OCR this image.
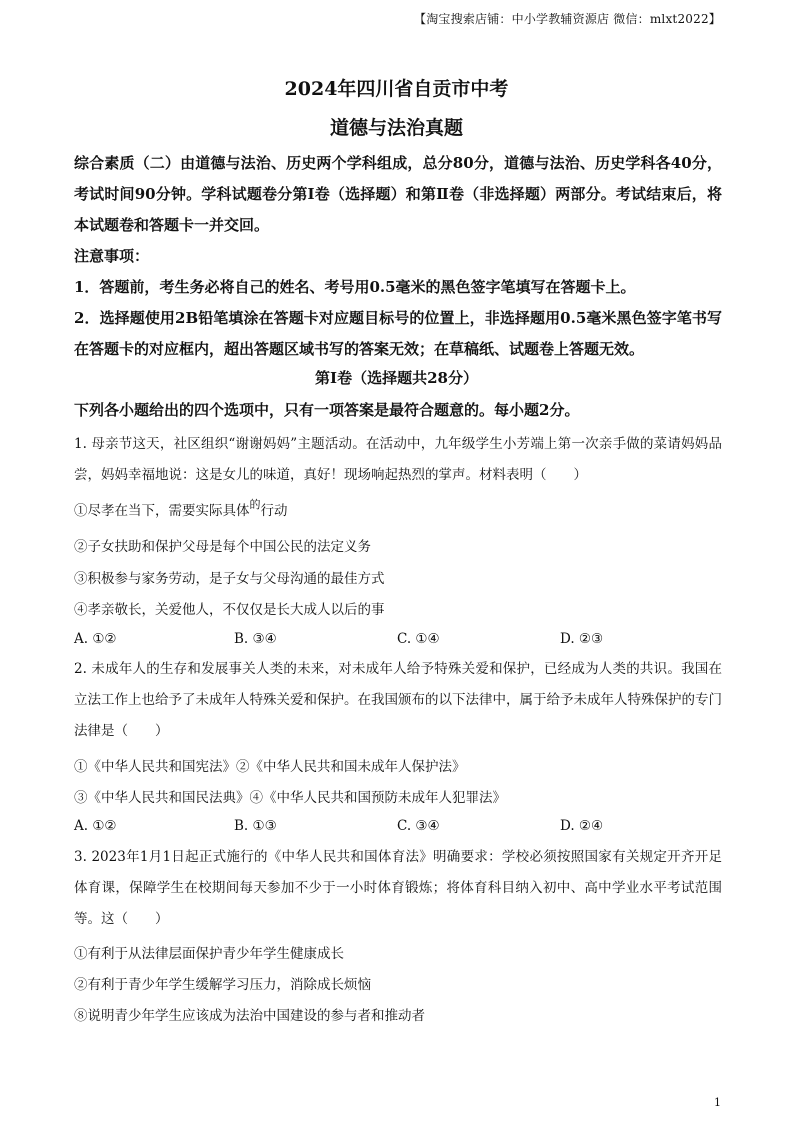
【淘宝搜索店铺：中小学教辅资源店 微信：mlxt2022】
2024年四川省自贡市中考
道德与法治真题
综合素质（二）由道德与法治、历史两个学科组成，总分80分，道德与法治、历史学科各40分，考试时间90分钟。学科试题卷分第Ⅰ卷（选择题）和第Ⅱ卷（非选择题）两部分。考试结束后，将本试题卷和答题卡一并交回。
注意事项：
1．答题前，考生务必将自己的姓名、考号用0.5毫米的黑色签字笔填写在答题卡上。
2．选择题使用2B铅笔填涂在答题卡对应题目标号的位置上，非选择题用0.5毫米黑色签字笔书写在答题卡的对应框内，超出答题区域书写的答案无效；在草稿纸、试题卷上答题无效。
第Ⅰ卷（选择题共28分）
下列各小题给出的四个选项中，只有一项答案是最符合题意的。每小题2分。
1. 母亲节这天，社区组织“谢谢妈妈”主题活动。在活动中，九年级学生小芳端上第一次亲手做的菜请妈妈品尝，妈妈幸福地说：这是女儿的味道，真好！现场响起热烈的掌声。材料表明（　　）
①尽孝在当下，需要实际具体$^的$行动
②子女扶助和保护父母是每个中国公民的法定义务
③积极参与家务劳动，是子女与父母沟通的最佳方式
④孝亲敬长，关爱他人，不仅仅是长大成人以后的事
A. ①②	B. ③④	C. ①④	D. ②③
2. 未成年人的生存和发展事关人类的未来，对未成年人给予特殊关爱和保护，已经成为人类的共识。我国在立法工作上也给予了未成年人特殊关爱和保护。在我国颁布的以下法律中，属于给予未成年人特殊保护的专门法律是（　　）
①《中华人民共和国宪法》②《中华人民共和国未成年人保护法》
③《中华人民共和国民法典》④《中华人民共和国预防未成年人犯罪法》
A. ①②	B. ①③	C. ③④	D. ②④
3. 2023年1月1日起正式施行的《中华人民共和国体育法》明确要求：学校必须按照国家有关规定开齐开足体育课，保障学生在校期间每天参加不少于一小时体育锻炼；将体育科目纳入初中、高中学业水平考试范围等。这（　　）
①有利于从法律层面保护青少年学生健康成长
②有利于青少年学生缓解学习压力，消除成长烦恼
⑧说明青少年学生应该成为法治中国建设的参与者和推动者
1
